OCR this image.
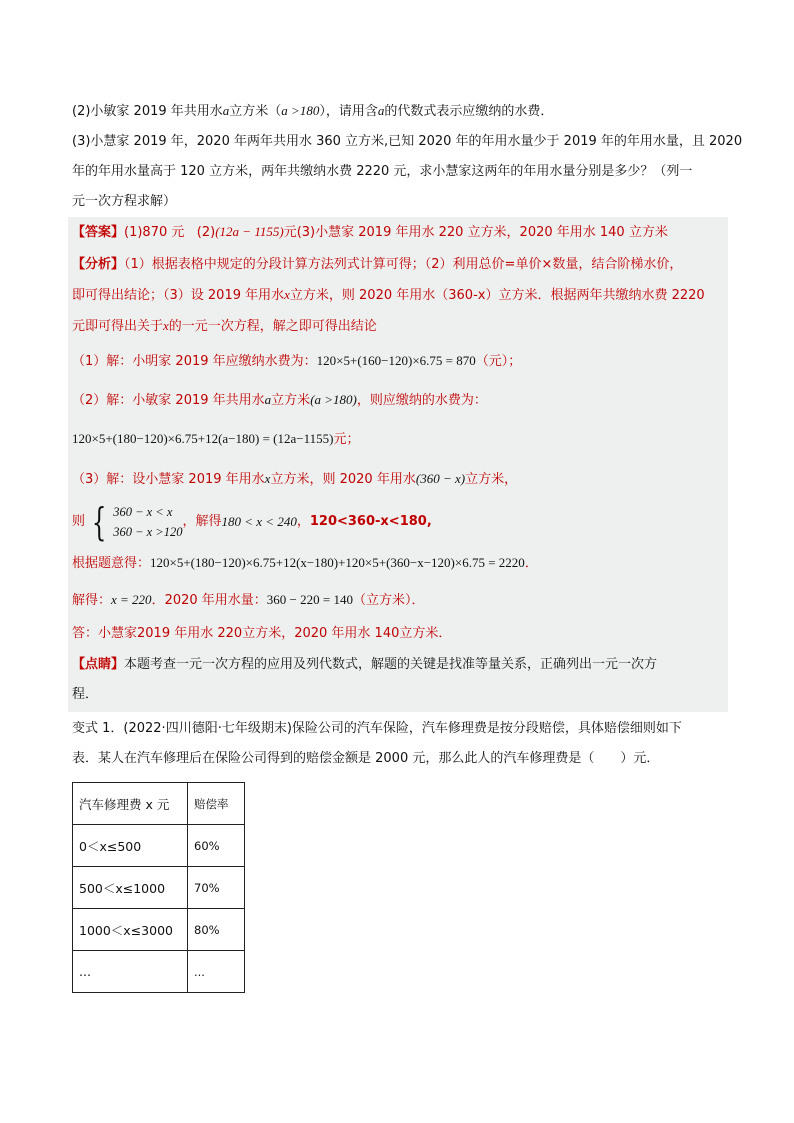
(2)小敏家 2019 年共用水a立方米（a >180），请用含a的代数式表示应缴纳的水费．
(3)小慧家 2019 年，2020 年两年共用水 360 立方米,已知 2020 年的年用水量少于 2019 年的年用水量，且 2020
年的年用水量高于 120 立方米，两年共缴纳水费 2220 元，求小慧家这两年的年用水量分别是多少？（列一
元一次方程求解）
【答案】(1)870 元 (2)(12a − 1155)元(3)小慧家 2019 年用水 220 立方米，2020 年用水 140 立方米
【分析】（1）根据表格中规定的分段计算方法列式计算可得；（2）利用总价=单价×数量，结合阶梯水价，
即可得出结论；（3）设 2019 年用水x立方米，则 2020 年用水（360-x）立方米．根据两年共缴纳水费 2220
元即可得出关于x的一元一次方程，解之即可得出结论
（1）解：小明家 2019 年应缴纳水费为：120×5+(160−120)×6.75 = 870（元）；
（2）解：小敏家 2019 年共用水a立方米(a >180)，则应缴纳的水费为：
120×5+(180−120)×6.75+12(a−180) = (12a−1155)元；
（3）解：设小慧家 2019 年用水x立方米，则 2020 年用水(360 − x)立方米，
则 { 360 − x < x
360 − x >120
，解得 180 < x < 240 ， 120<360-x<180,
根据题意得：120×5+(180−120)×6.75+12(x−180)+120×5+(360−x−120)×6.75 = 2220．
解得：x = 220．2020 年用水量：360 − 220 = 140（立方米）．
答：小慧家2019 年用水 220立方米，2020 年用水 140立方米．
【点睛】本题考查一元一次方程的应用及列代数式，解题的关键是找准等量关系，正确列出一元一次方
程．
变式 1．(2022·四川德阳·七年级期末)保险公司的汽车保险，汽车修理费是按分段赔偿，具体赔偿细则如下
表．某人在汽车修理后在保险公司得到的赔偿金额是 2000 元，那么此人的汽车修理费是（　　）元．
汽车修理费 x 元	赔偿率
0＜x≤500	60%
500＜x≤1000	70%
1000＜x≤3000	80%
...	...
